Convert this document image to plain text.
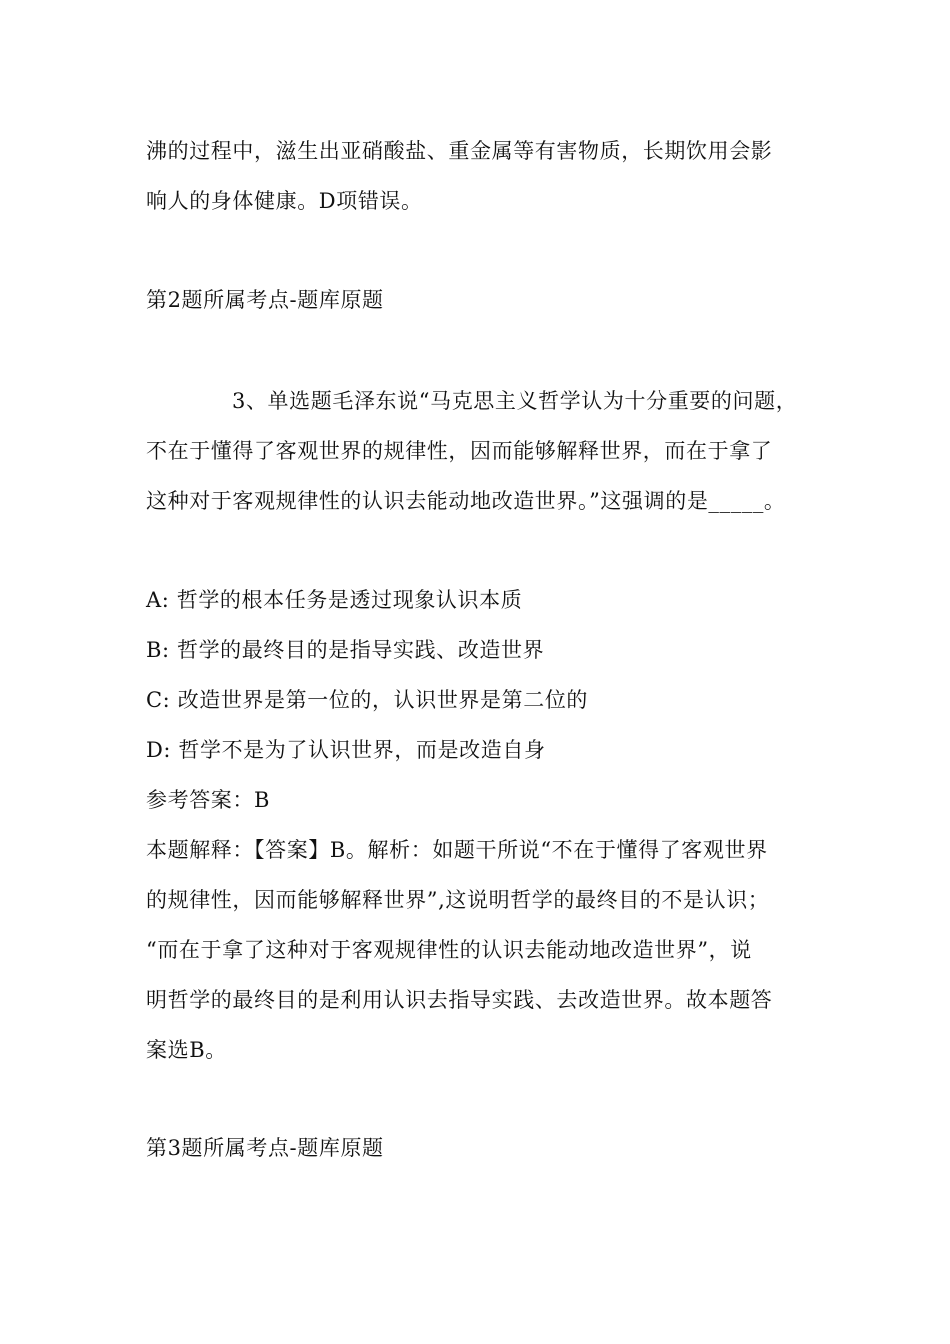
沸的过程中，滋生出亚硝酸盐、重金属等有害物质，长期饮用会影
响人的身体健康。D项错误。
第2题所属考点-题库原题
3、单选题毛泽东说“马克思主义哲学认为十分重要的问题，
不在于懂得了客观世界的规律性，因而能够解释世界，而在于拿了
这种对于客观规律性的认识去能动地改造世界。”这强调的是_____。
A: 哲学的根本任务是透过现象认识本质
B: 哲学的最终目的是指导实践、改造世界
C: 改造世界是第一位的，认识世界是第二位的
D: 哲学不是为了认识世界，而是改造自身
参考答案：B
本题解释：【答案】B。解析：如题干所说“不在于懂得了客观世界
的规律性，因而能够解释世界”,这说明哲学的最终目的不是认识；
“而在于拿了这种对于客观规律性的认识去能动地改造世界”，说
明哲学的最终目的是利用认识去指导实践、去改造世界。故本题答
案选B。
第3题所属考点-题库原题
